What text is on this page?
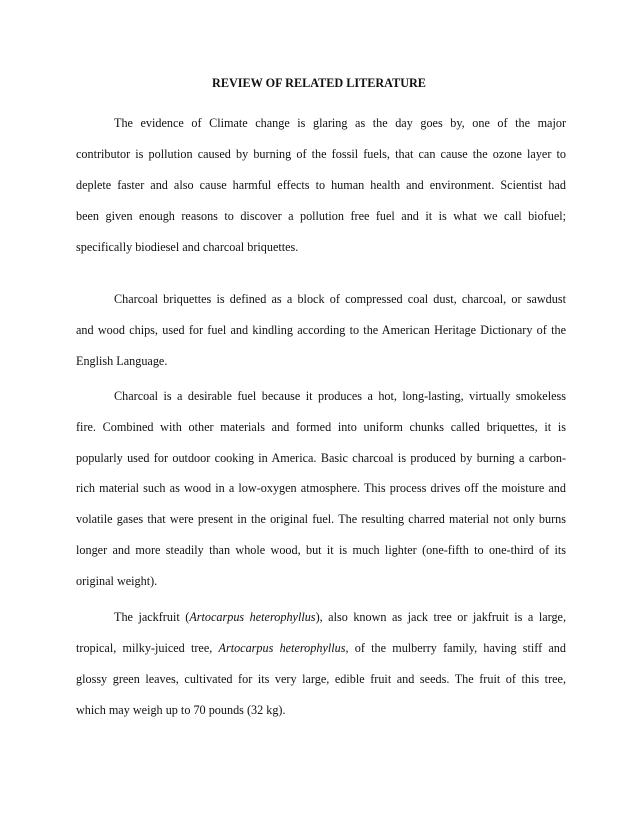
REVIEW OF RELATED LITERATURE
The evidence of Climate change is glaring as the day goes by, one of the major
contributor is pollution caused by burning of the fossil fuels, that can cause the ozone layer to
deplete faster and also cause harmful effects to human health and environment. Scientist had
been given enough reasons to discover a pollution free fuel and it is what we call biofuel;
specifically biodiesel and charcoal briquettes.
Charcoal briquettes is defined as a block of compressed coal dust, charcoal, or sawdust
and wood chips, used for fuel and kindling according to the American Heritage Dictionary of the
English Language.
Charcoal is a desirable fuel because it produces a hot, long-lasting, virtually smokeless
fire. Combined with other materials and formed into uniform chunks called briquettes, it is
popularly used for outdoor cooking in America. Basic charcoal is produced by burning a carbon-
rich material such as wood in a low-oxygen atmosphere. This process drives off the moisture and
volatile gases that were present in the original fuel. The resulting charred material not only burns
longer and more steadily than whole wood, but it is much lighter (one-fifth to one-third of its
original weight).
The jackfruit (Artocarpus heterophyllus), also known as jack tree or jakfruit is a large,
tropical, milky-juiced tree, Artocarpus heterophyllus, of the mulberry family, having stiff and
glossy green leaves, cultivated for its very large, edible fruit and seeds. The fruit of this tree,
which may weigh up to 70 pounds (32 kg).
